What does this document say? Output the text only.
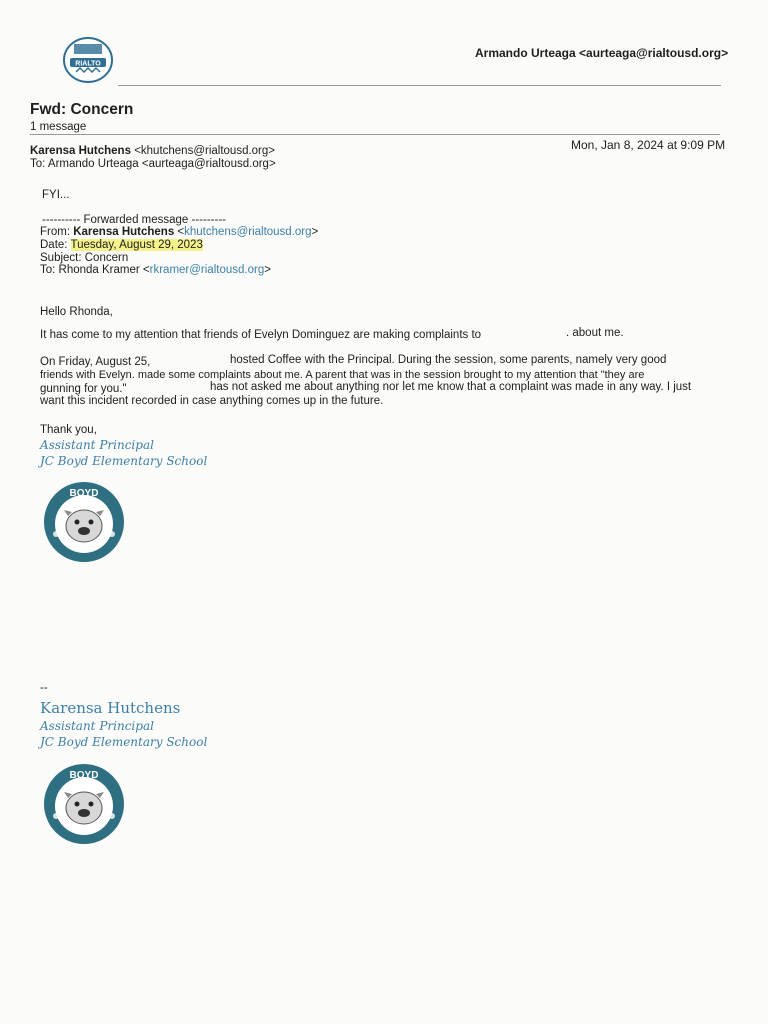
RIALTO
Armando Urteaga <aurteaga@rialtousd.org>
Fwd: Concern
1 message
Karensa Hutchens <khutchens@rialtousd.org>
To: Armando Urteaga <aurteaga@rialtousd.org>
Mon, Jan 8, 2024 at 9:09 PM
FYI...
---------- Forwarded message ---------
From: Karensa Hutchens <khutchens@rialtousd.org>
Date: Tuesday, August 29, 2023
Subject: Concern
To: Rhonda Kramer <rkramer@rialtousd.org>
Hello Rhonda,
It has come to my attention that friends of Evelyn Dominguez are making complaints to	. about me.
On Friday, August 25,	hosted Coffee with the Principal. During the session, some parents, namely very good
friends with Evelyn. made some complaints about me. A parent that was in the session brought to my attention that "they are
gunning for you."	has not asked me about anything nor let me know that a complaint was made in any way. I just
want this incident recorded in case anything comes up in the future.
Thank you,
Assistant Principal
JC Boyd Elementary School
BOYD
--
Karensa Hutchens
Assistant Principal
JC Boyd Elementary School
BOYD
